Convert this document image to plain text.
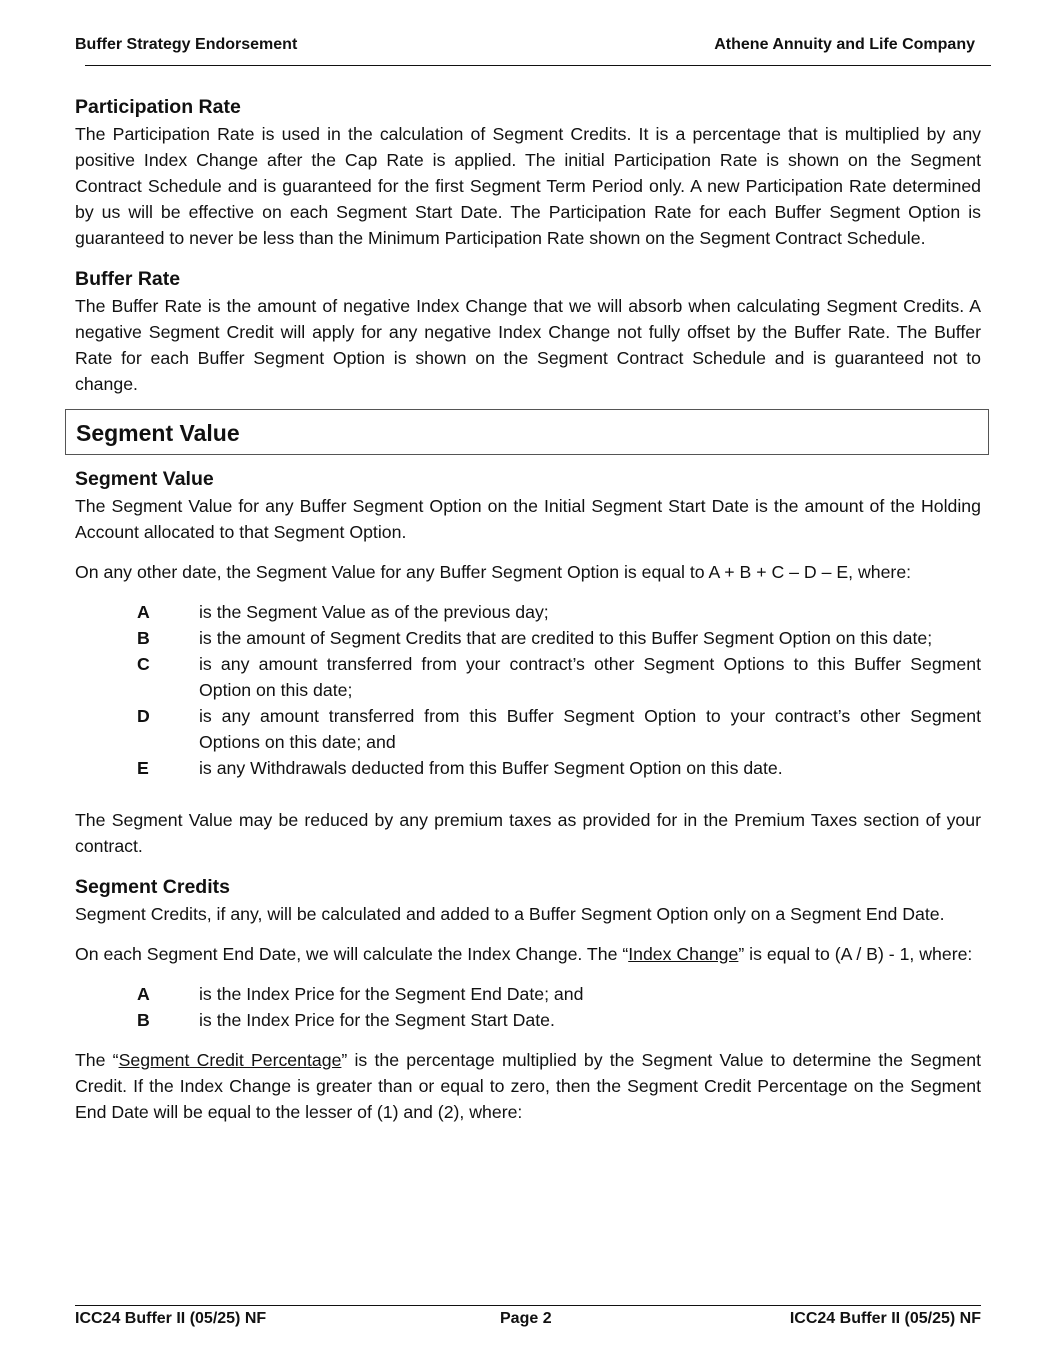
Buffer Strategy Endorsement	Athene Annuity and Life Company
Participation Rate
The Participation Rate is used in the calculation of Segment Credits. It is a percentage that is multiplied by any positive Index Change after the Cap Rate is applied. The initial Participation Rate is shown on the Segment Contract Schedule and is guaranteed for the first Segment Term Period only. A new Participation Rate determined by us will be effective on each Segment Start Date. The Participation Rate for each Buffer Segment Option is guaranteed to never be less than the Minimum Participation Rate shown on the Segment Contract Schedule.
Buffer Rate
The Buffer Rate is the amount of negative Index Change that we will absorb when calculating Segment Credits. A negative Segment Credit will apply for any negative Index Change not fully offset by the Buffer Rate. The Buffer Rate for each Buffer Segment Option is shown on the Segment Contract Schedule and is guaranteed not to change.
Segment Value
Segment Value
The Segment Value for any Buffer Segment Option on the Initial Segment Start Date is the amount of the Holding Account allocated to that Segment Option.
On any other date, the Segment Value for any Buffer Segment Option is equal to A + B + C – D – E, where:
A	is the Segment Value as of the previous day;
B	is the amount of Segment Credits that are credited to this Buffer Segment Option on this date;
C	is any amount transferred from your contract’s other Segment Options to this Buffer Segment Option on this date;
D	is any amount transferred from this Buffer Segment Option to your contract’s other Segment Options on this date; and
E	is any Withdrawals deducted from this Buffer Segment Option on this date.
The Segment Value may be reduced by any premium taxes as provided for in the Premium Taxes section of your contract.
Segment Credits
Segment Credits, if any, will be calculated and added to a Buffer Segment Option only on a Segment End Date.
On each Segment End Date, we will calculate the Index Change. The “Index Change” is equal to (A / B) - 1, where:
A	is the Index Price for the Segment End Date; and
B	is the Index Price for the Segment Start Date.
The “Segment Credit Percentage” is the percentage multiplied by the Segment Value to determine the Segment Credit. If the Index Change is greater than or equal to zero, then the Segment Credit Percentage on the Segment End Date will be equal to the lesser of (1) and (2), where:
ICC24 Buffer II (05/25) NF	Page 2	ICC24 Buffer II (05/25) NF
